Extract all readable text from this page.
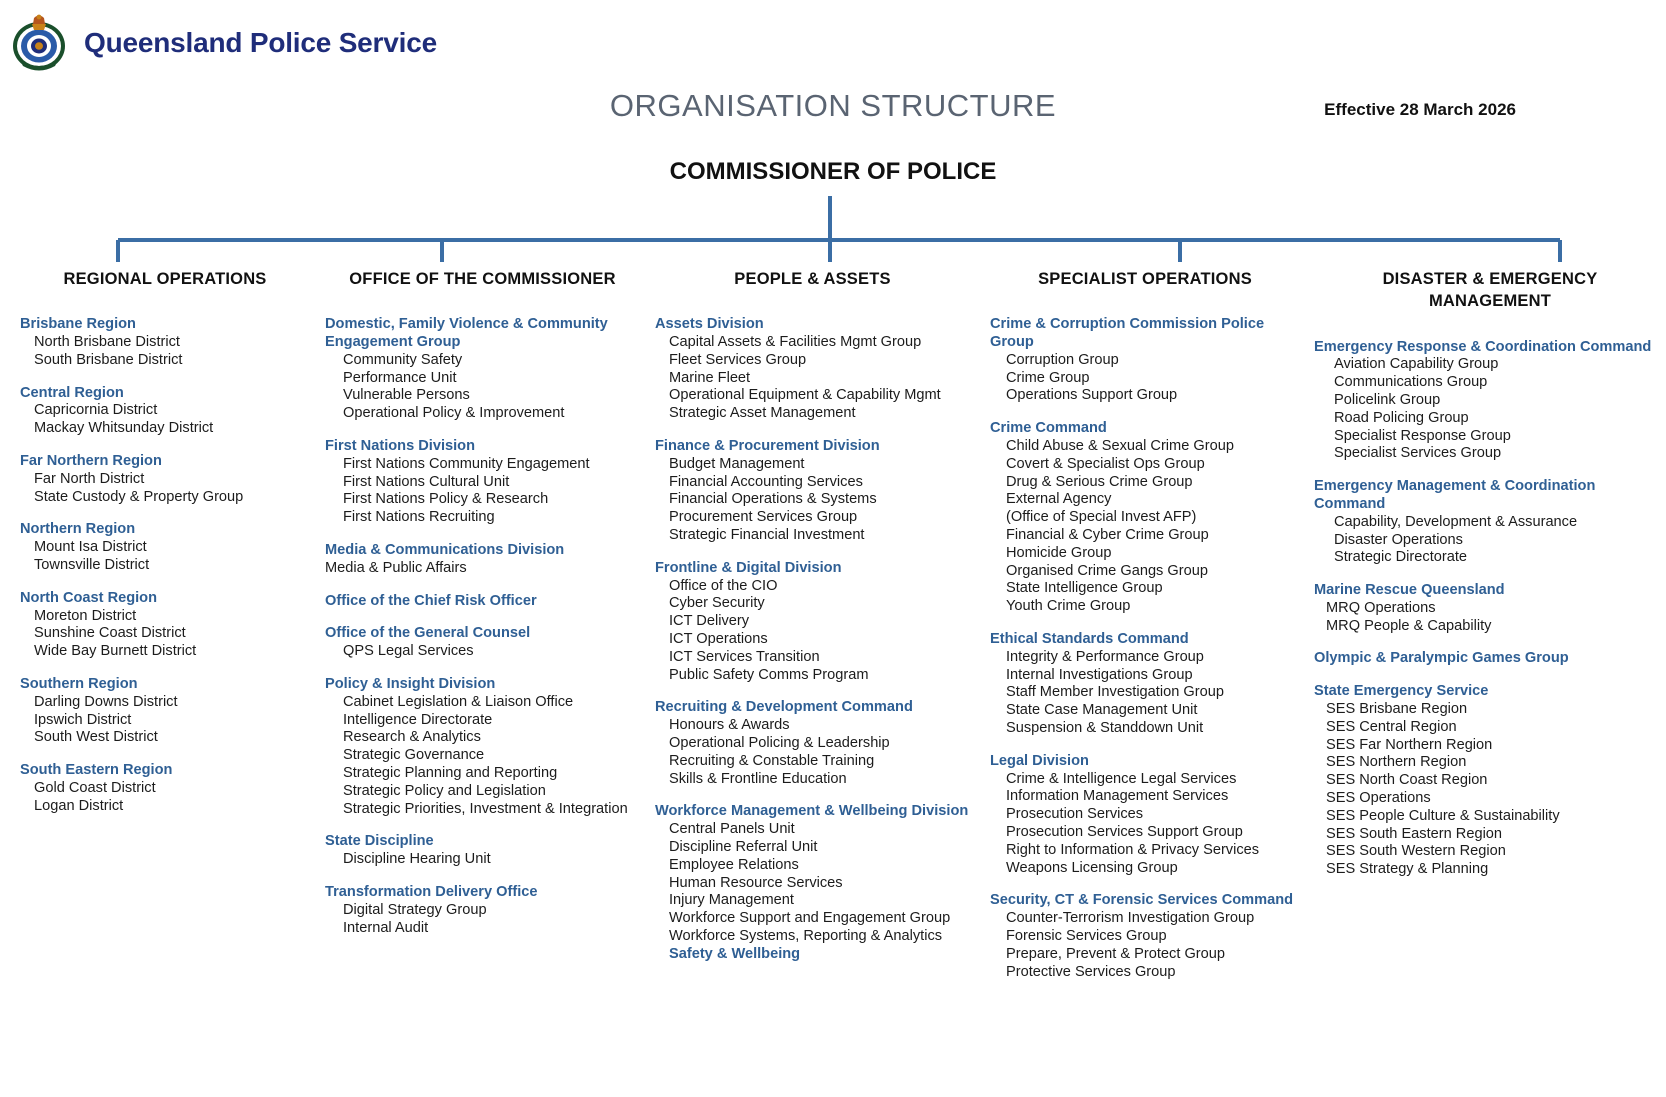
Queensland Police Service
ORGANISATION STRUCTURE	Effective 28 March 2026
COMMISSIONER OF POLICE
REGIONAL OPERATIONS
Brisbane Region
North Brisbane District
South Brisbane District
Central Region
Capricornia District
Mackay Whitsunday District
Far Northern Region
Far North District
State Custody & Property Group
Northern Region
Mount Isa District
Townsville District
North Coast Region
Moreton District
Sunshine Coast District
Wide Bay Burnett District
Southern Region
Darling Downs District
Ipswich District
South West District
South Eastern Region
Gold Coast District
Logan District
OFFICE OF THE COMMISSIONER
Domestic, Family Violence & Community Engagement Group
Community Safety
Performance Unit
Vulnerable Persons
Operational Policy & Improvement
First Nations Division
First Nations Community Engagement
First Nations Cultural Unit
First Nations Policy & Research
First Nations Recruiting
Media & Communications Division
Media & Public Affairs
Office of the Chief Risk Officer
Office of the General Counsel
QPS Legal Services
Policy & Insight Division
Cabinet Legislation & Liaison Office
Intelligence Directorate
Research & Analytics
Strategic Governance
Strategic Planning and Reporting
Strategic Policy and Legislation
Strategic Priorities, Investment & Integration
State Discipline
Discipline Hearing Unit
Transformation Delivery Office
Digital Strategy Group
Internal Audit
PEOPLE & ASSETS
Assets Division
Capital Assets & Facilities Mgmt Group
Fleet Services Group
Marine Fleet
Operational Equipment & Capability Mgmt
Strategic Asset Management
Finance & Procurement Division
Budget Management
Financial Accounting Services
Financial Operations & Systems
Procurement Services Group
Strategic Financial Investment
Frontline & Digital Division
Office of the CIO
Cyber Security
ICT Delivery
ICT Operations
ICT Services Transition
Public Safety Comms Program
Recruiting & Development Command
Honours & Awards
Operational Policing & Leadership
Recruiting & Constable Training
Skills & Frontline Education
Workforce Management & Wellbeing Division
Central Panels Unit
Discipline Referral Unit
Employee Relations
Human Resource Services
Injury Management
Workforce Support and Engagement Group
Workforce Systems, Reporting & Analytics
Safety & Wellbeing
SPECIALIST OPERATIONS
Crime & Corruption Commission Police Group
Corruption Group
Crime Group
Operations Support Group
Crime Command
Child Abuse & Sexual Crime Group
Covert & Specialist Ops Group
Drug & Serious Crime Group
External Agency
(Office of Special Invest AFP)
Financial & Cyber Crime Group
Homicide Group
Organised Crime Gangs Group
State Intelligence Group
Youth Crime Group
Ethical Standards Command
Integrity & Performance Group
Internal Investigations Group
Staff Member Investigation Group
State Case Management Unit
Suspension & Standdown Unit
Legal Division
Crime & Intelligence Legal Services
Information Management Services
Prosecution Services
Prosecution Services Support Group
Right to Information & Privacy Services
Weapons Licensing Group
Security, CT & Forensic Services Command
Counter-Terrorism Investigation Group
Forensic Services Group
Prepare, Prevent & Protect Group
Protective Services Group
DISASTER & EMERGENCY MANAGEMENT
Emergency Response & Coordination Command
Aviation Capability Group
Communications Group
Policelink Group
Road Policing Group
Specialist Response Group
Specialist Services Group
Emergency Management & Coordination Command
Capability, Development & Assurance
Disaster Operations
Strategic Directorate
Marine Rescue Queensland
MRQ Operations
MRQ People & Capability
Olympic & Paralympic Games Group
State Emergency Service
SES Brisbane Region
SES Central Region
SES Far Northern Region
SES Northern Region
SES North Coast Region
SES Operations
SES People Culture & Sustainability
SES South Eastern Region
SES South Western Region
SES Strategy & Planning
